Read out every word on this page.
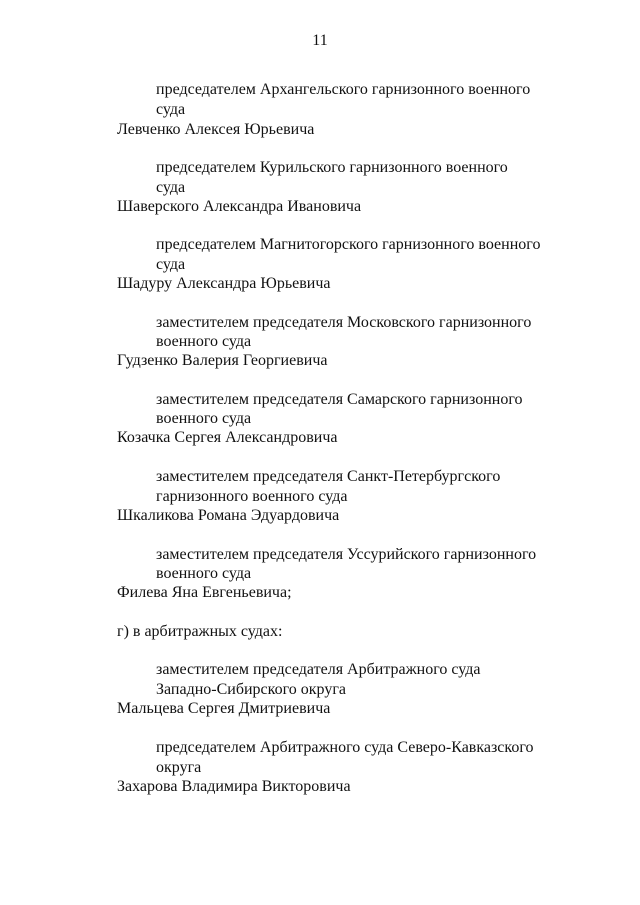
11
председателем Архангельского гарнизонного военного
суда
Левченко Алексея Юрьевича
председателем Курильского гарнизонного военного
суда
Шаверского Александра Ивановича
председателем Магнитогорского гарнизонного военного
суда
Шадуру Александра Юрьевича
заместителем председателя Московского гарнизонного
военного суда
Гудзенко Валерия Георгиевича
заместителем председателя Самарского гарнизонного
военного суда
Козачка Сергея Александровича
заместителем председателя Санкт-Петербургского
гарнизонного военного суда
Шкаликова Романа Эдуардовича
заместителем председателя Уссурийского гарнизонного
военного суда
Филева Яна Евгеньевича;
г) в арбитражных судах:
заместителем председателя Арбитражного суда
Западно-Сибирского округа
Мальцева Сергея Дмитриевича
председателем Арбитражного суда Северо-Кавказского
округа
Захарова Владимира Викторовича
